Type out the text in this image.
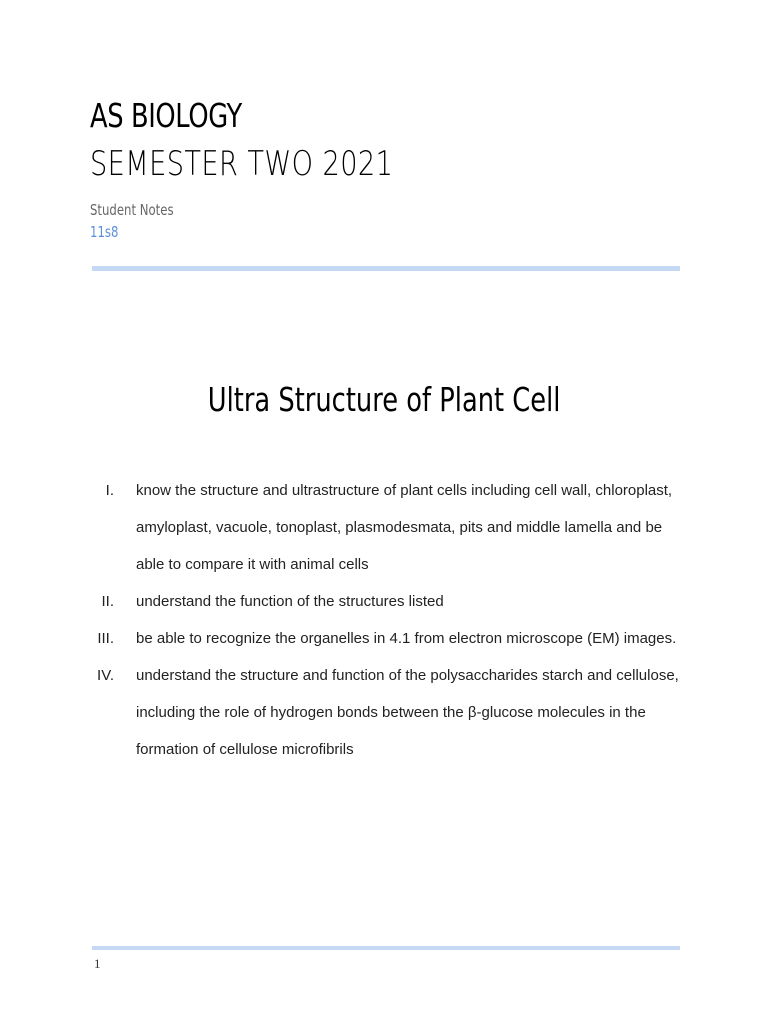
AS BIOLOGY
SEMESTER TWO 2021
Student Notes
11s8
Ultra Structure of Plant Cell
I. know the structure and ultrastructure of plant cells including cell wall, chloroplast, amyloplast, vacuole, tonoplast, plasmodesmata, pits and middle lamella and be able to compare it with animal cells
II. understand the function of the structures listed
III. be able to recognize the organelles in 4.1 from electron microscope (EM) images.
IV. understand the structure and function of the polysaccharides starch and cellulose, including the role of hydrogen bonds between the β-glucose molecules in the formation of cellulose microfibrils
1
